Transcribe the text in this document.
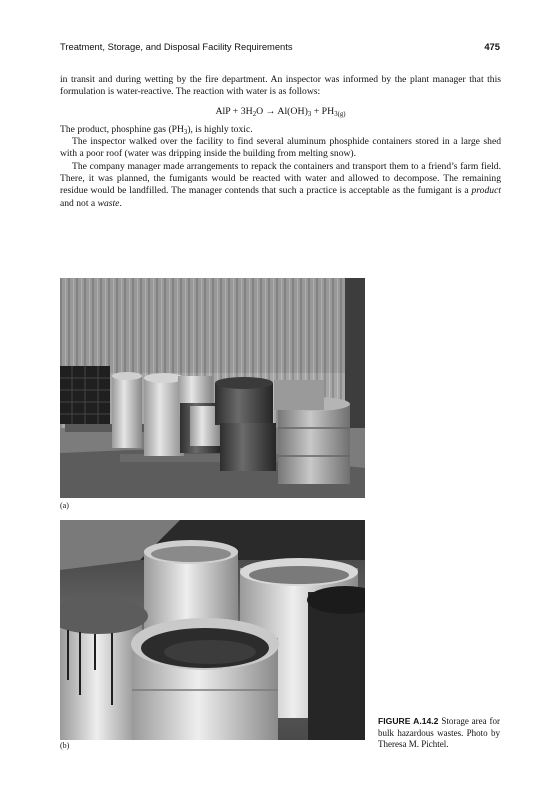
Treatment, Storage, and Disposal Facility Requirements	475

in transit and during wetting by the fire department. An inspector was informed by the plant manager that this formulation is water-reactive. The reaction with water is as follows:

AlP + $3H_2O \to Al(OH)_3 + PH_{3(g)}$

The product, phosphine gas $(PH_3)$, is highly toxic.

The inspector walked over the facility to find several aluminum phosphide containers stored in a large shed with a poor roof (water was dripping inside the building from melting snow).

The company manager made arrangements to repack the containers and transport them to a friend’s farm field. There, it was planned, the fumigants would be reacted with water and allowed to decompose. The remaining residue would be landfilled. The manager contends that such a practice is acceptable as the fumigant is a product and not a waste.

(a)
(b)
FIGURE A.14.2 Storage area for bulk hazardous wastes. Photo by Theresa M. Pichtel.
